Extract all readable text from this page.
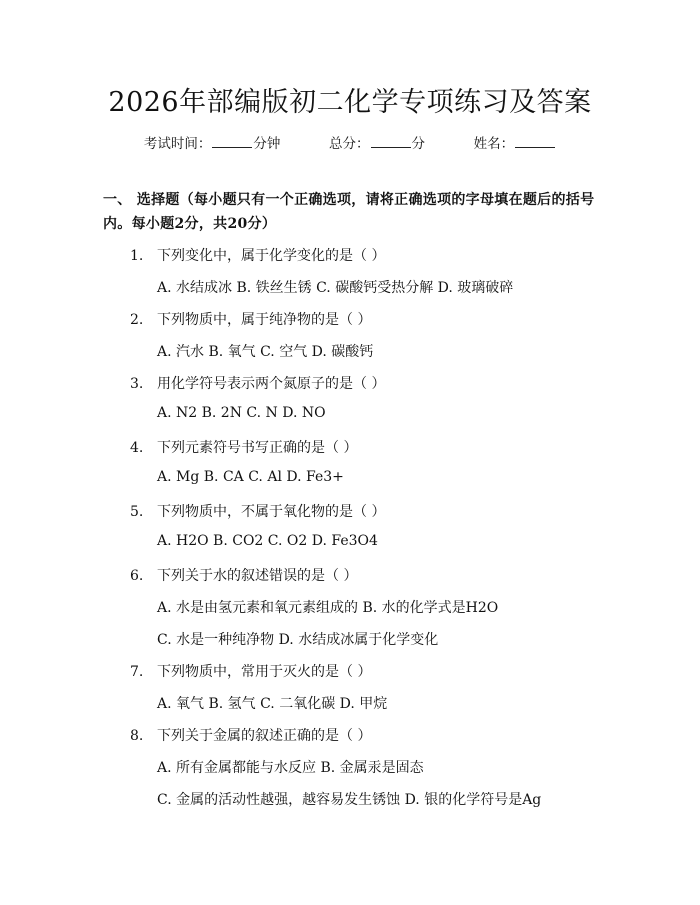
2026年部编版初二化学专项练习及答案
考试时间：	分钟	总分：	分	姓名：
一、 选择题（每小题只有一个正确选项，请将正确选项的字母填在题后的括号内。每小题2分，共20分）
1. 下列变化中，属于化学变化的是（ ）
A. 水结成冰 B. 铁丝生锈 C. 碳酸钙受热分解 D. 玻璃破碎
2. 下列物质中，属于纯净物的是（ ）
A. 汽水 B. 氧气 C. 空气 D. 碳酸钙
3. 用化学符号表示两个氮原子的是（ ）
A. N2 B. 2N C. N D. NO
4. 下列元素符号书写正确的是（ ）
A. Mg B. CA C. Al D. Fe3+
5. 下列物质中，不属于氧化物的是（ ）
A. H2O B. CO2 C. O2 D. Fe3O4
6. 下列关于水的叙述错误的是（ ）
A. 水是由氢元素和氧元素组成的 B. 水的化学式是H2O
C. 水是一种纯净物 D. 水结成冰属于化学变化
7. 下列物质中，常用于灭火的是（ ）
A. 氧气 B. 氢气 C. 二氧化碳 D. 甲烷
8. 下列关于金属的叙述正确的是（ ）
A. 所有金属都能与水反应 B. 金属汞是固态
C. 金属的活动性越强，越容易发生锈蚀 D. 银的化学符号是Ag
